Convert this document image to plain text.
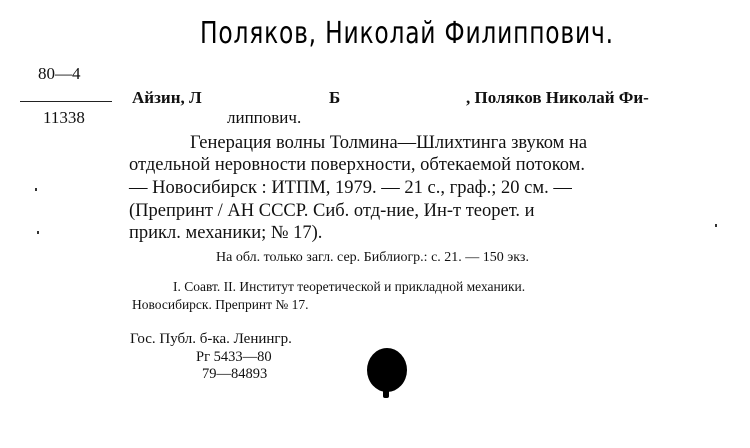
Поляков, Николай Филиппович.
80—4
11338
Айзин, Л	Б	, Поляков Николай Фи-
липпович.
Генерация волны Толмина—Шлихтинга звуком на
отдельной неровности поверхности, обтекаемой потоком.
— Новосибирск : ИТПМ, 1979. — 21 с., граф.; 20 см. —
(Препринт / АН СССР. Сиб. отд-ние, Ин-т теорет. и
прикл. механики; № 17).
На обл. только загл. сер. Библиогр.: с. 21. — 150 экз.
I. Соавт. II. Институт теоретической и прикладной механики.
Новосибирск. Препринт № 17.
Гос. Публ. б-ка. Ленингр.
Рг 5433—80
79—84893
